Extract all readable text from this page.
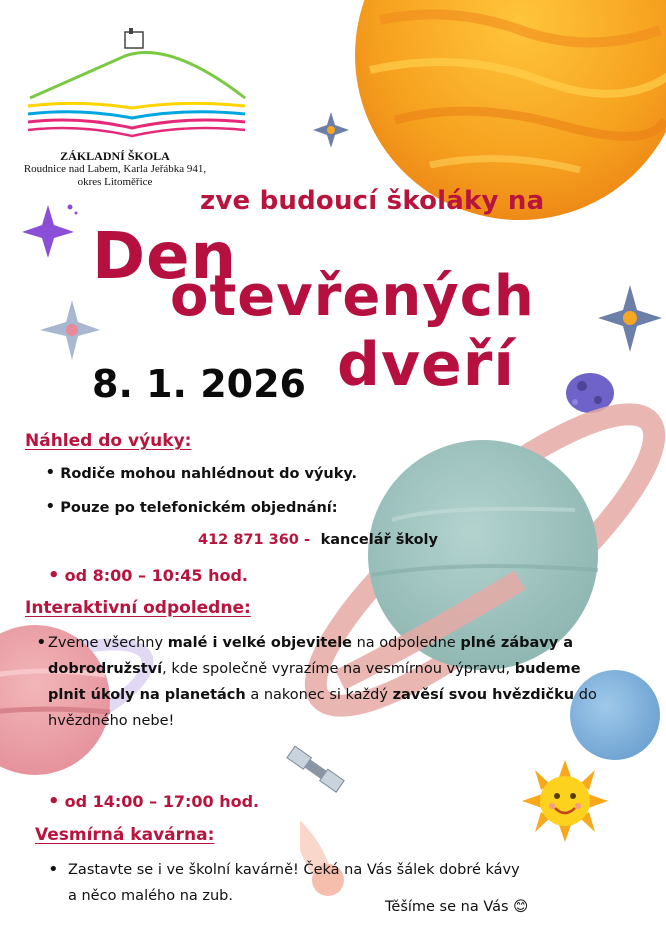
ZÁKLADNÍ ŠKOLA
Roudnice nad Labem, Karla Jeřábka 941,
okres Litoměřice
zve budoucí školáky na
Den
otevřených
dveří
8. 1. 2026
Náhled do výuky:
• Rodiče mohou nahlédnout do výuky.
• Pouze po telefonickém objednání:
412 871 360 - kancelář školy
• od 8:00 – 10:45 hod.
Interaktivní odpoledne:
• Zveme všechny malé i velké objevitele na odpoledne plné zábavy a dobrodružství, kde společně vyrazíme na vesmírnou výpravu, budeme plnit úkoly na planetách a nakonec si každý zavěsí svou hvězdičku do hvězdného nebe!
• od 14:00 – 17:00 hod.
Vesmírná kavárna:
• Zastavte se i ve školní kavárně! Čeká na Vás šálek dobré kávy
a něco malého na zub.
Těšíme se na Vás 😊
